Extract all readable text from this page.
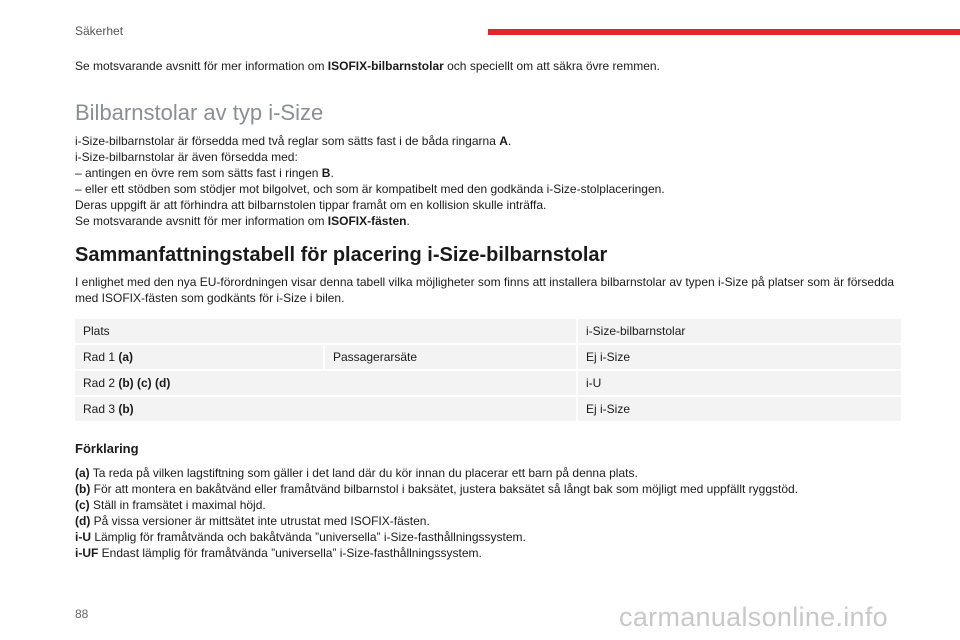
Säkerhet

Se motsvarande avsnitt för mer information om ISOFIX-bilbarnstolar och speciellt om att säkra övre remmen.

Bilbarnstolar av typ i-Size

i-Size-bilbarnstolar är försedda med två reglar som sätts fast i de båda ringarna A.

i-Size-bilbarnstolar är även försedda med:

– antingen en övre rem som sätts fast i ringen B.

– eller ett stödben som stödjer mot bilgolvet, och som är kompatibelt med den godkända i-Size-stolplaceringen.

Deras uppgift är att förhindra att bilbarnstolen tippar framåt om en kollision skulle inträffa.

Se motsvarande avsnitt för mer information om ISOFIX-fästen.

Sammanfattningstabell för placering i-Size-bilbarnstolar

I enlighet med den nya EU-förordningen visar denna tabell vilka möjligheter som finns att installera bilbarnstolar av typen i-Size på platser som är försedda med ISOFIX-fästen som godkänts för i-Size i bilen.

Plats		i-Size-bilbarnstolar
Rad 1 (a)	Passagerarsäte	Ej i-Size
Rad 2 (b) (c) (d)		i-U
Rad 3 (b)		Ej i-Size
Förklaring

(a) Ta reda på vilken lagstiftning som gäller i det land där du kör innan du placerar ett barn på denna plats.

(b) För att montera en bakåtvänd eller framåtvänd bilbarnstol i baksätet, justera baksätet så långt bak som möjligt med uppfällt ryggstöd.

(c) Ställ in framsätet i maximal höjd.

(d) På vissa versioner är mittsätet inte utrustat med ISOFIX-fästen.

i-U Lämplig för framåtvända och bakåtvända ”universella” i-Size-fasthållningssystem.

i-UF Endast lämplig för framåtvända ”universella” i-Size-fasthållningssystem.

88	carmanualsonline.info
